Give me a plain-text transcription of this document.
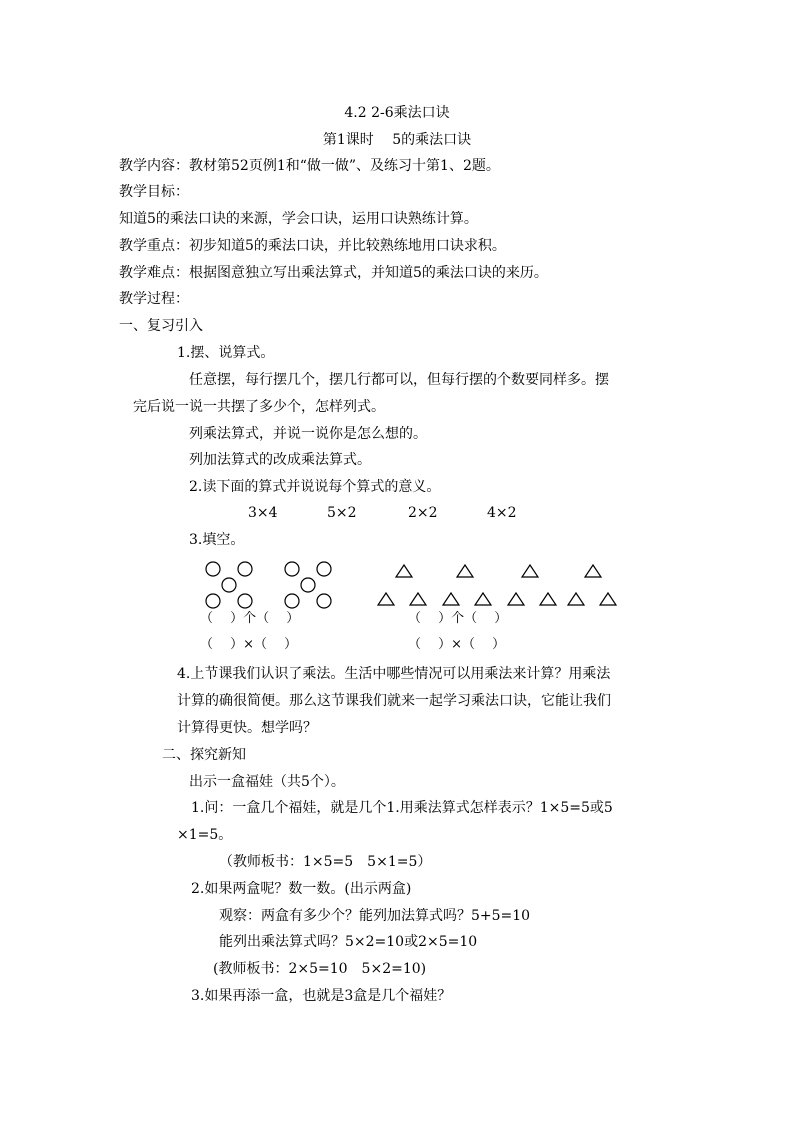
4.2 2-6乘法口诀
第1课时　 5的乘法口诀
教学内容：教材第52页例1和“做一做”、及练习十第1、2题。
教学目标：
知道5的乘法口诀的来源，学会口诀，运用口诀熟练计算。
教学重点：初步知道5的乘法口诀，并比较熟练地用口诀求积。
教学难点：根据图意独立写出乘法算式，并知道5的乘法口诀的来历。
教学过程：
一、复习引入
1.摆、说算式。
任意摆，每行摆几个，摆几行都可以，但每行摆的个数要同样多。摆
完后说一说一共摆了多少个，怎样列式。
列乘法算式，并说一说你是怎么想的。
列加法算式的改成乘法算式。
2.读下面的算式并说说每个算式的意义。
3×4	5×2	2×2	4×2
3.填空。
（　 ）个（　 ）
（　 ）×（　 ）
（　 ）个（　 ）
（　 ）×（　 ）
4.上节课我们认识了乘法。生活中哪些情况可以用乘法来计算？用乘法
计算的确很简便。那么这节课我们就来一起学习乘法口诀，它能让我们
计算得更快。想学吗？
二、探究新知
出示一盒福娃（共5个）。
1.问：一盒几个福娃，就是几个1.用乘法算式怎样表示？1×5=5或5
×1=5。
（教师板书：1×5=5　5×1=5）
2.如果两盒呢？数一数。(出示两盒)
观察：两盒有多少个？能列加法算式吗？5+5=10
能列出乘法算式吗？5×2=10或2×5=10
(教师板书：2×5=10　5×2=10)
3.如果再添一盒，也就是3盒是几个福娃？
